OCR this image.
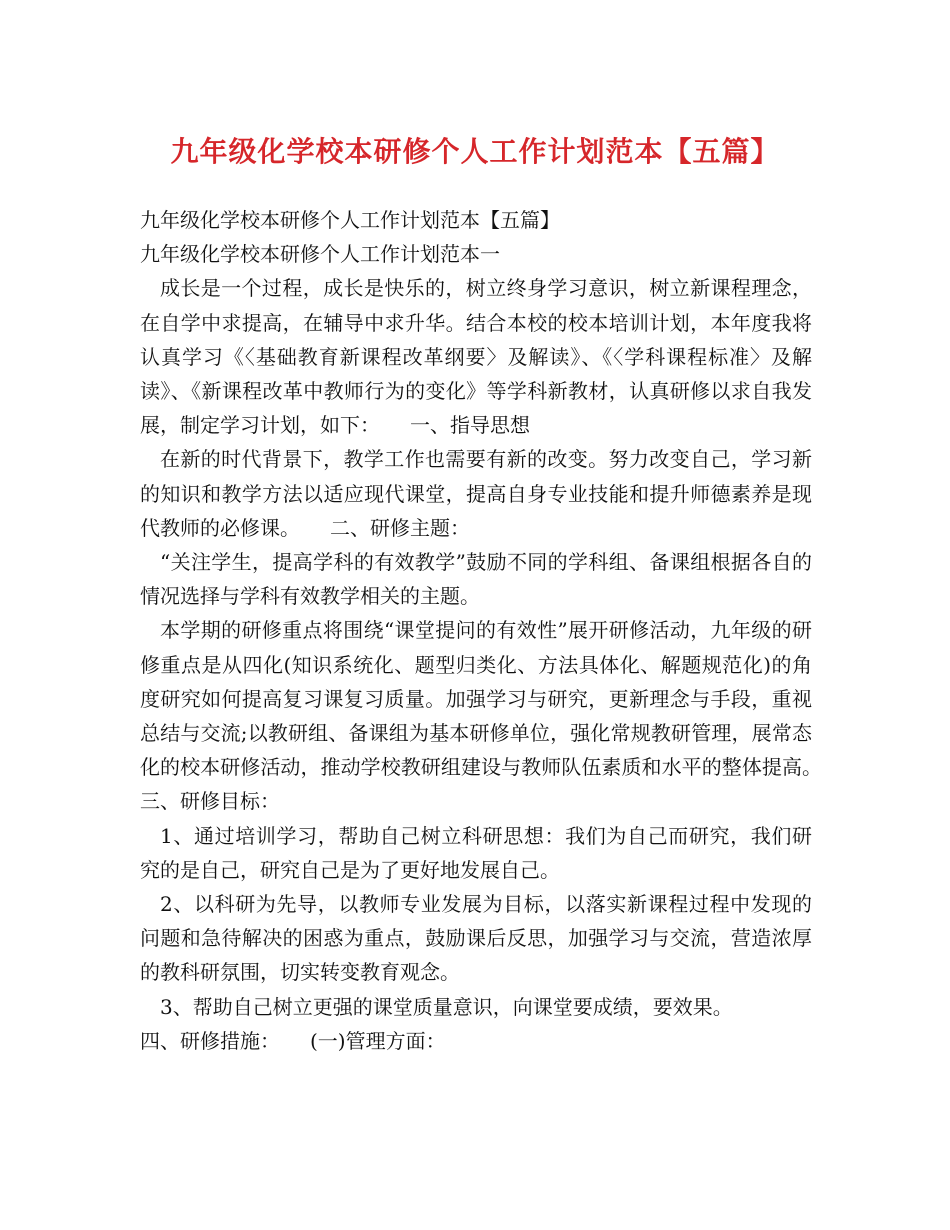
九年级化学校本研修个人工作计划范本【五篇】
九年级化学校本研修个人工作计划范本【五篇】
九年级化学校本研修个人工作计划范本一
成长是一个过程，成长是快乐的，树立终身学习意识，树立新课程理念，在自学中求提高，在辅导中求升华。结合本校的校本培训计划，本年度我将认真学习《〈基础教育新课程改革纲要〉及解读》、《〈学科课程标准〉及解读》、《新课程改革中教师行为的变化》等学科新教材，认真研修以求自我发展，制定学习计划，如下：　　一、指导思想
在新的时代背景下，教学工作也需要有新的改变。努力改变自己，学习新的知识和教学方法以适应现代课堂，提高自身专业技能和提升师德素养是现代教师的必修课。　　二、研修主题：
“关注学生，提高学科的有效教学”鼓励不同的学科组、备课组根据各自的情况选择与学科有效教学相关的主题。
本学期的研修重点将围绕“课堂提问的有效性”展开研修活动，九年级的研修重点是从四化(知识系统化、题型归类化、方法具体化、解题规范化)的角度研究如何提高复习课复习质量。加强学习与研究，更新理念与手段，重视总结与交流;以教研组、备课组为基本研修单位，强化常规教研管理，展常态化的校本研修活动，推动学校教研组建设与教师队伍素质和水平的整体提高。　　三、研修目标：
1、通过培训学习，帮助自己树立科研思想：我们为自己而研究，我们研究的是自己，研究自己是为了更好地发展自己。
2、以科研为先导，以教师专业发展为目标，以落实新课程过程中发现的问题和急待解决的困惑为重点，鼓励课后反思，加强学习与交流，营造浓厚的教科研氛围，切实转变教育观念。
3、帮助自己树立更强的课堂质量意识，向课堂要成绩，要效果。
四、研修措施：　　(一)管理方面：
